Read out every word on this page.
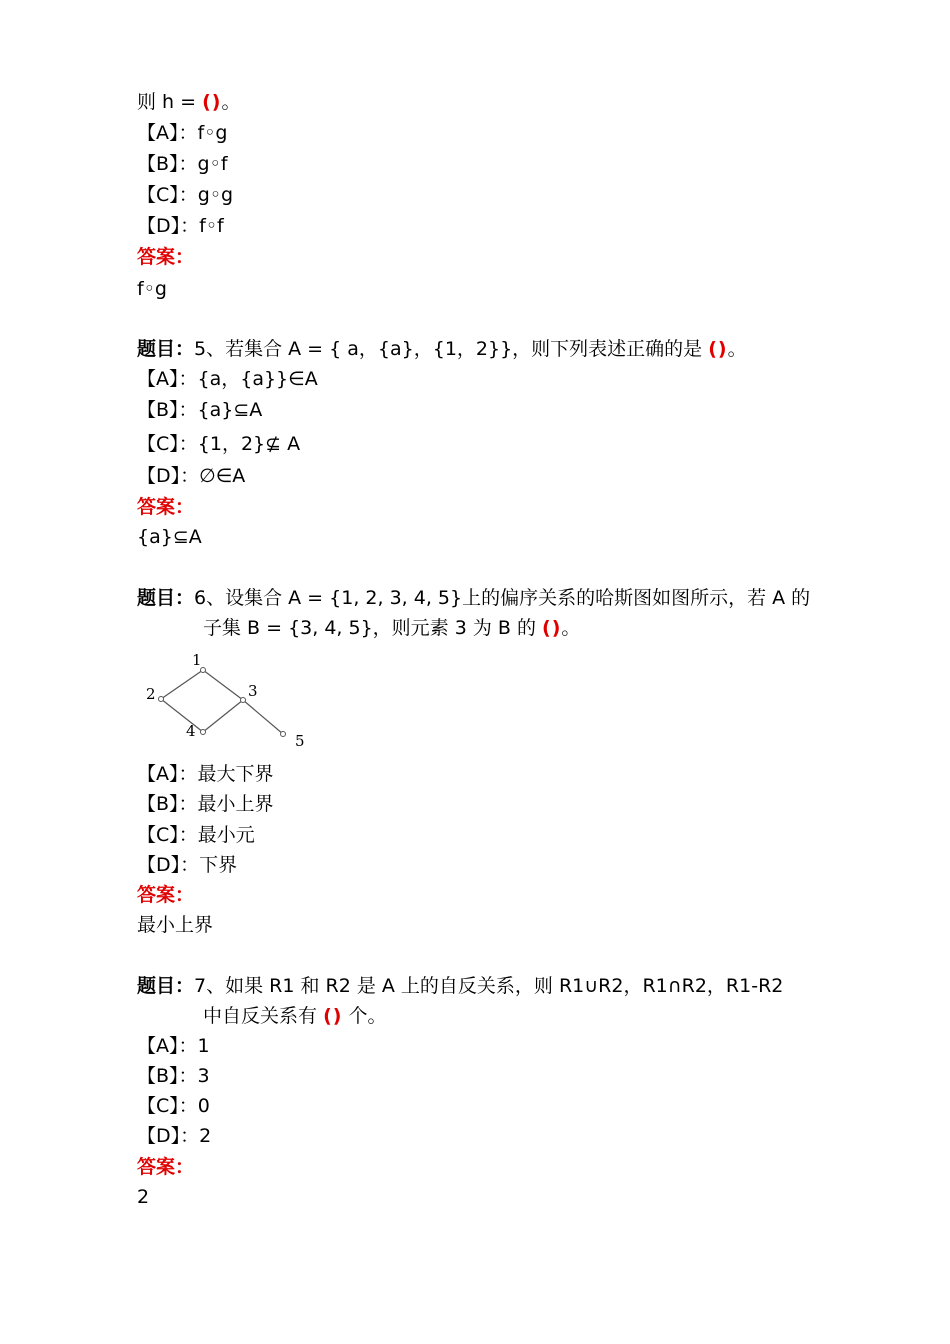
则 h = ()。
【A】：f◦g
【B】：g◦f
【C】：g◦g
【D】：f◦f
答案：
f◦g
题目：5、若集合 A = { a，{a}，{1，2}}，则下列表述正确的是 ()。
【A】：{a，{a}}∈A
【B】：{a}⊆A
【C】：{1，2}⊈ A
【D】：∅∈A
答案：
{a}⊆A
题目：6、设集合 A = {1, 2, 3, 4, 5}上的偏序关系的哈斯图如图所示，若 A 的
子集 B = {3, 4, 5}，则元素 3 为 B 的 ()。
1
2	3
4
5
【A】：最大下界
【B】：最小上界
【C】：最小元
【D】：下界
答案：
最小上界
题目：7、如果 R1 和 R2 是 A 上的自反关系，则 R1∪R2，R1∩R2，R1-R2
中自反关系有 () 个。
【A】：1
【B】：3
【C】：0
【D】：2
答案：
2
